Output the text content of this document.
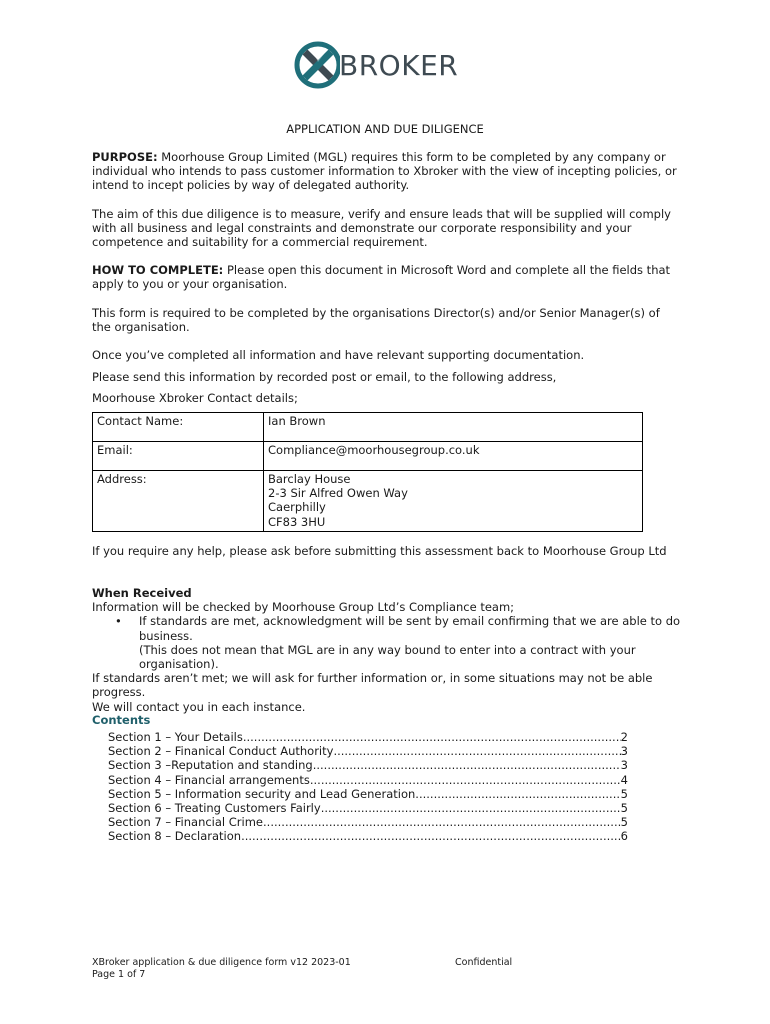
BROKER
APPLICATION AND DUE DILIGENCE
PURPOSE: Moorhouse Group Limited (MGL) requires this form to be completed by any company or individual who intends to pass customer information to Xbroker with the view of incepting policies, or intend to incept policies by way of delegated authority.
The aim of this due diligence is to measure, verify and ensure leads that will be supplied will comply with all business and legal constraints and demonstrate our corporate responsibility and your competence and suitability for a commercial requirement.
HOW TO COMPLETE: Please open this document in Microsoft Word and complete all the fields that apply to you or your organisation.
This form is required to be completed by the organisations Director(s) and/or Senior Manager(s) of the organisation.
Once you’ve completed all information and have relevant supporting documentation.
Please send this information by recorded post or email, to the following address,
Moorhouse Xbroker Contact details;
Contact Name:	Ian Brown
Email:	Compliance@moorhousegroup.co.uk
Address:	Barclay House
2-3 Sir Alfred Owen Way
Caerphilly
CF83 3HU
If you require any help, please ask before submitting this assessment back to Moorhouse Group Ltd
When Received
Information will be checked by Moorhouse Group Ltd’s Compliance team;
• If standards are met, acknowledgment will be sent by email confirming that we are able to do business.
(This does not mean that MGL are in any way bound to enter into a contract with your organisation).
If standards aren’t met; we will ask for further information or, in some situations may not be able progress.
We will contact you in each instance.
Contents
Section 1 – Your Details .....	2
Section 2 – Finanical Conduct Authority .....	3
Section 3 –Reputation and standing .....	3
Section 4 – Financial arrangements .....	4
Section 5 – Information security and Lead Generation .....	5
Section 6 – Treating Customers Fairly .....	5
Section 7 – Financial Crime .....	5
Section 8 – Declaration .....	6
XBroker application & due diligence form v12 2023-01
Page 1 of 7
Confidential
